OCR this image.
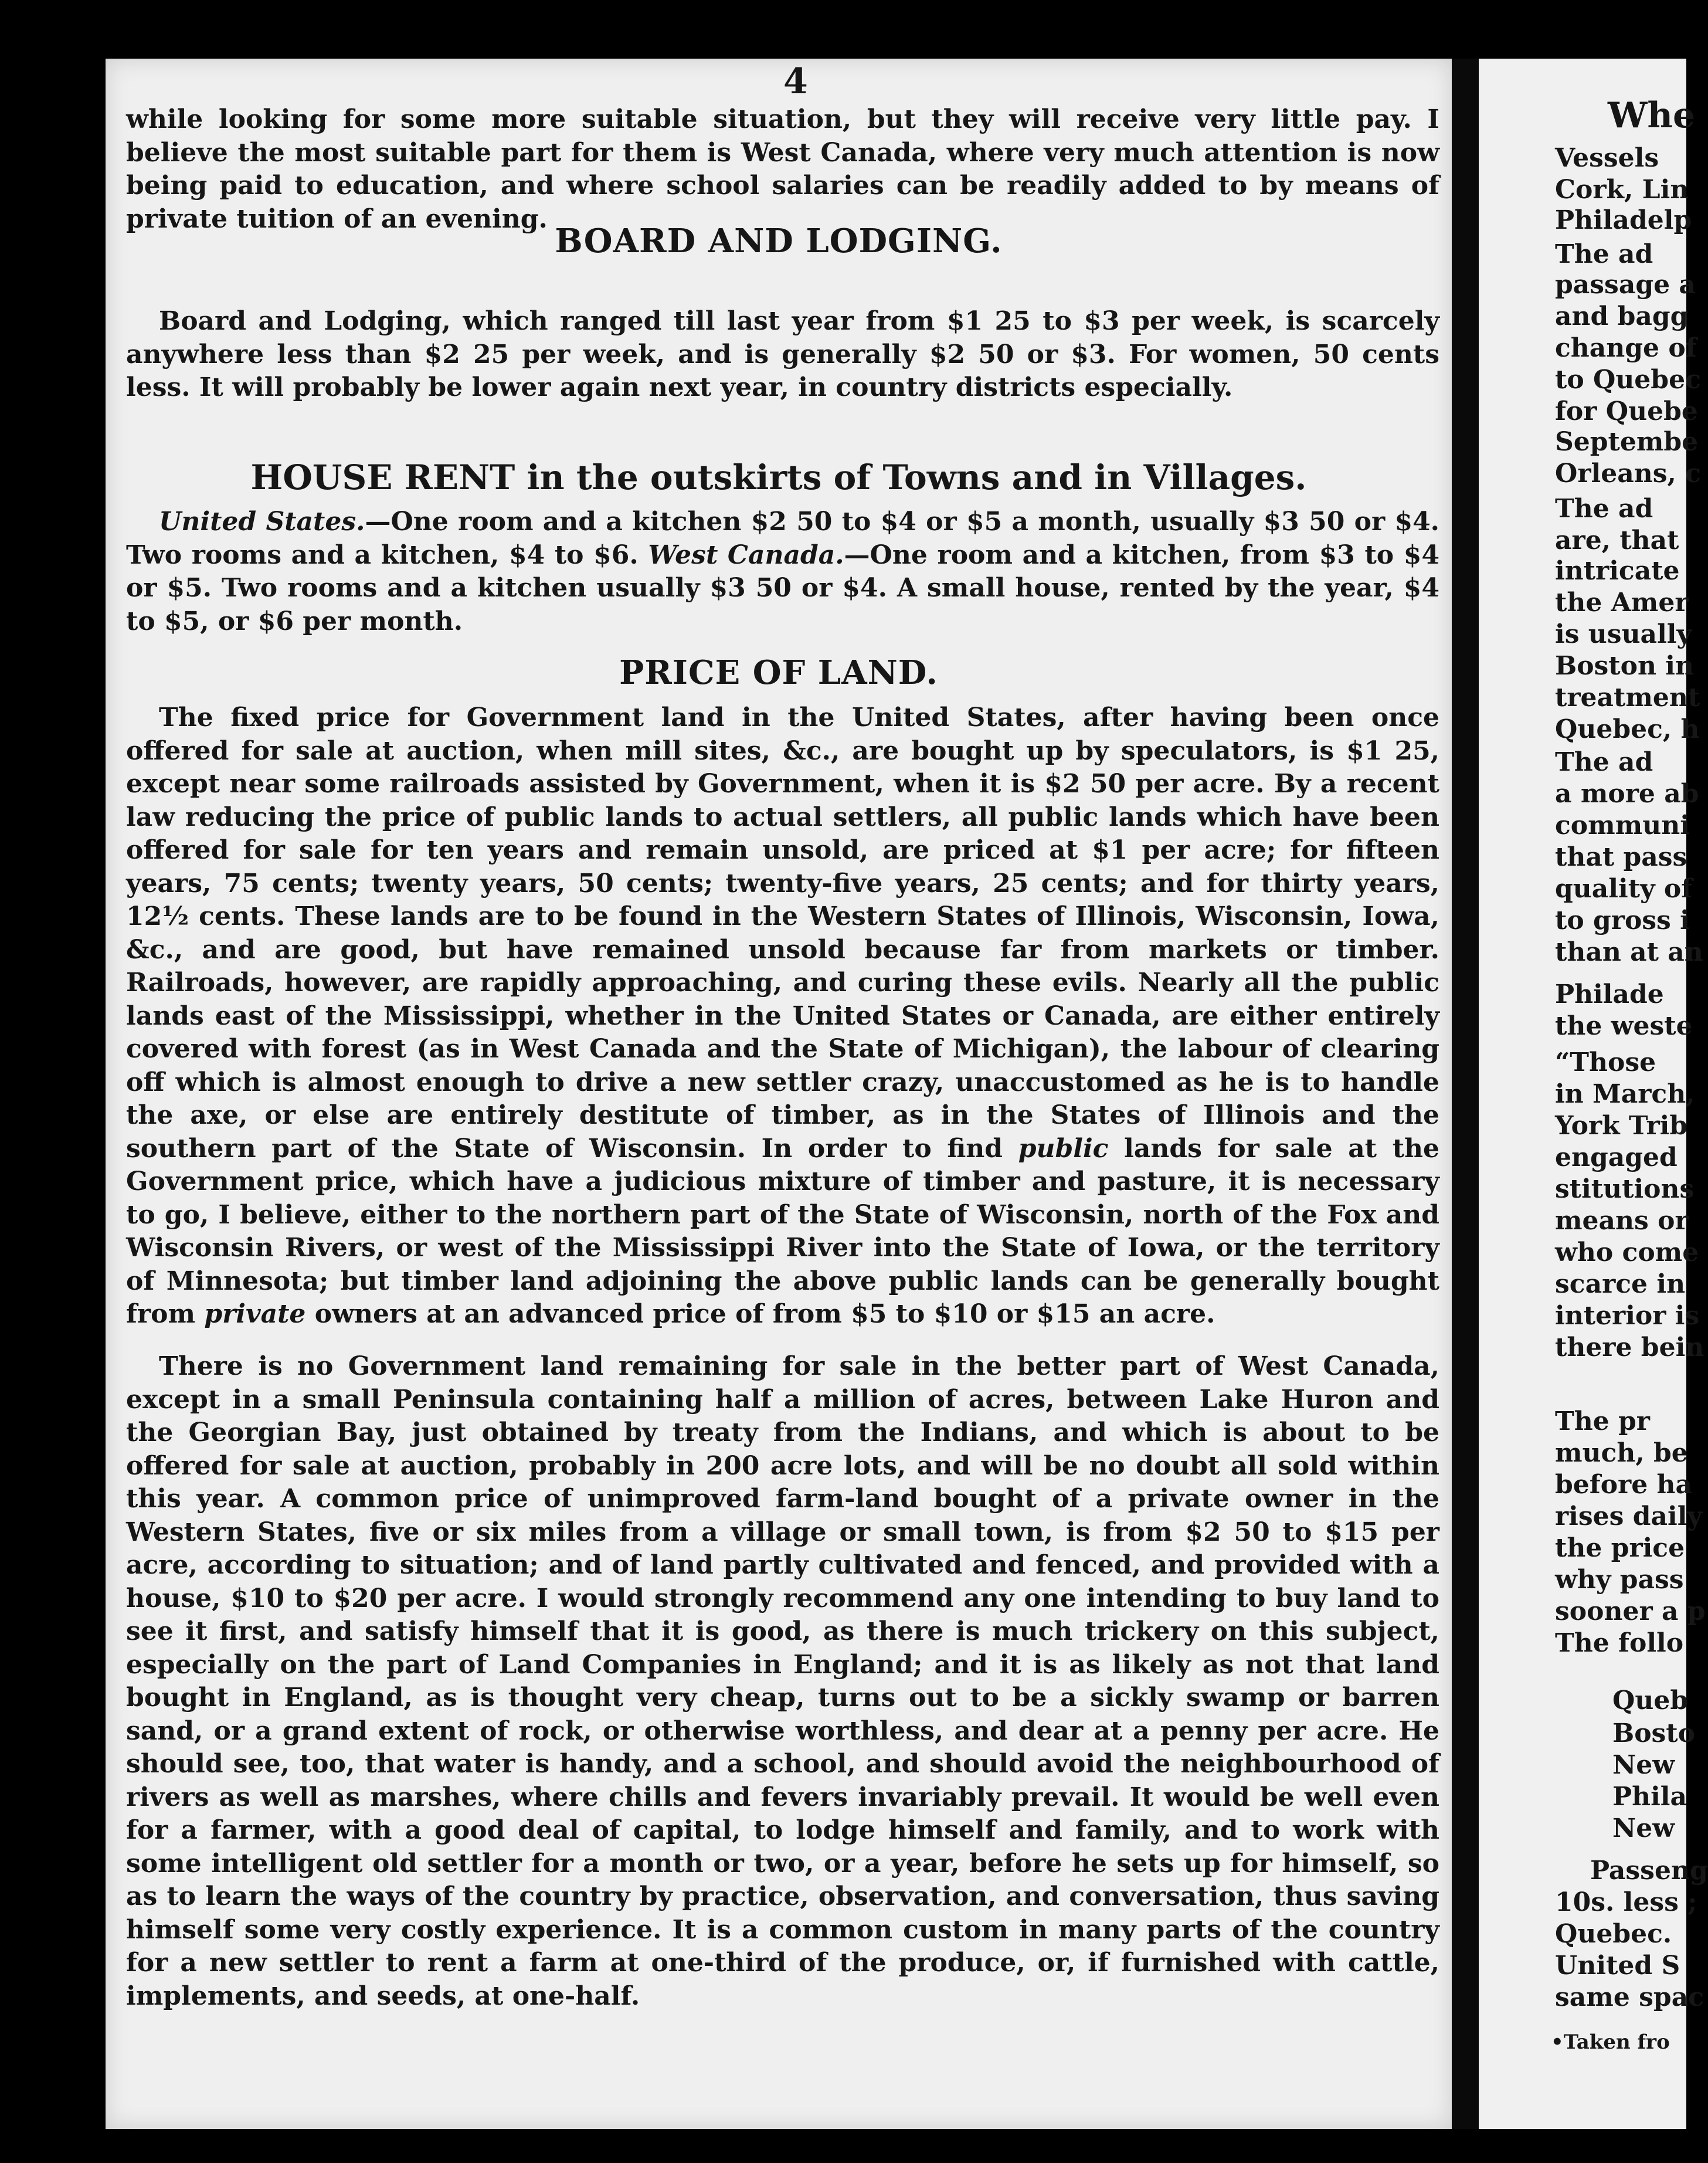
4

while looking for some more suitable situation, but they will receive very little pay. I believe the most suitable part for them is West Canada, where very much attention is now being paid to education, and where school salaries can be readily added to by means of private tuition of an evening.

BOARD AND LODGING.

Board and Lodging, which ranged till last year from $1 25 to $3 per week, is scarcely anywhere less than $2 25 per week, and is generally $2 50 or $3. For women, 50 cents less. It will probably be lower again next year, in country districts especially.

HOUSE RENT in the outskirts of Towns and in Villages.

United States.—One room and a kitchen $2 50 to $4 or $5 a month, usually $3 50 or $4. Two rooms and a kitchen, $4 to $6. West Canada.—One room and a kitchen, from $3 to $4 or $5. Two rooms and a kitchen usually $3 50 or $4. A small house, rented by the year, $4 to $5, or $6 per month.

PRICE OF LAND.

The fixed price for Government land in the United States, after having been once offered for sale at auction, when mill sites, &c., are bought up by speculators, is $1 25, except near some railroads assisted by Government, when it is $2 50 per acre. By a recent law reducing the price of public lands to actual settlers, all public lands which have been offered for sale for ten years and remain unsold, are priced at $1 per acre; for fifteen years, 75 cents; twenty years, 50 cents; twenty-five years, 25 cents; and for thirty years, 12½ cents. These lands are to be found in the Western States of Illinois, Wisconsin, Iowa, &c., and are good, but have remained unsold because far from markets or timber. Railroads, however, are rapidly approaching, and curing these evils. Nearly all the public lands east of the Mississippi, whether in the United States or Canada, are either entirely covered with forest (as in West Canada and the State of Michigan), the labour of clearing off which is almost enough to drive a new settler crazy, unaccustomed as he is to handle the axe, or else are entirely destitute of timber, as in the States of Illinois and the southern part of the State of Wisconsin. In order to find public lands for sale at the Government price, which have a judicious mixture of timber and pasture, it is necessary to go, I believe, either to the northern part of the State of Wisconsin, north of the Fox and Wisconsin Rivers, or west of the Mississippi River into the State of Iowa, or the territory of Minnesota; but timber land adjoining the above public lands can be generally bought from private owners at an advanced price of from $5 to $10 or $15 an acre.

There is no Government land remaining for sale in the better part of West Canada, except in a small Peninsula containing half a million of acres, between Lake Huron and the Georgian Bay, just obtained by treaty from the Indians, and which is about to be offered for sale at auction, probably in 200 acre lots, and will be no doubt all sold within this year. A common price of unimproved farm-land bought of a private owner in the Western States, five or six miles from a village or small town, is from $2 50 to $15 per acre, according to situation; and of land partly cultivated and fenced, and provided with a house, $10 to $20 per acre. I would strongly recommend any one intending to buy land to see it first, and satisfy himself that it is good, as there is much trickery on this subject, especially on the part of Land Companies in England; and it is as likely as not that land bought in England, as is thought very cheap, turns out to be a sickly swamp or barren sand, or a grand extent of rock, or otherwise worthless, and dear at a penny per acre. He should see, too, that water is handy, and a school, and should avoid the neighbourhood of rivers as well as marshes, where chills and fevers invariably prevail. It would be well even for a farmer, with a good deal of capital, to lodge himself and family, and to work with some intelligent old settler for a month or two, or a year, before he sets up for himself, so as to learn the ways of the country by practice, observation, and conversation, thus saving himself some very costly experience. It is a common custom in many parts of the country for a new settler to rent a farm at one-third of the produce, or, if furnished with cattle, implements, and seeds, at one-half.

Whe

Vessels

Cork, Lin

Philadelp

The ad

passage a

and bagg

change of

to Quebec

for Quebe

Septembe

Orleans, c

The ad

are, that

intricate

the Amer

is usually

Boston in

treatment

Quebec, h

The ad

a more ab

communi

that pass

quality of

to gross i

than at an

Philade

the weste

“Those

in March,

York Trib

engaged

stitutions

means or

who come

scarce in

interior is

there bein

The pr

much, be

before ha

rises daily

the price

why pass

sooner a p

The follo

Queb

Bosto

New

Phila

New

Passeng

10s. less ;

Quebec.

United S

same spac

•Taken fro
